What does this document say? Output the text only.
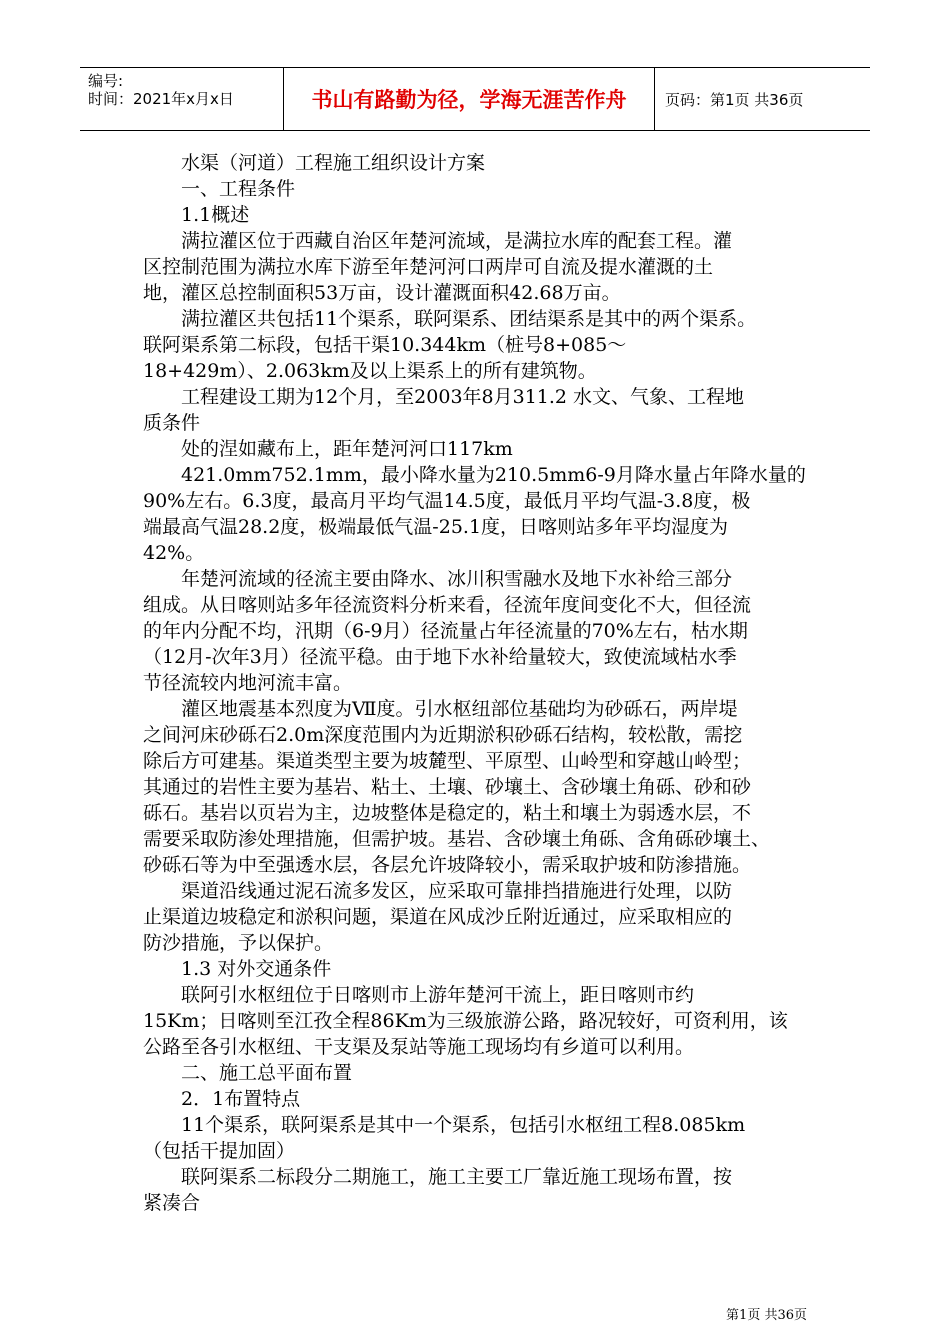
编号:
时间：2021年x月x日	书山有路勤为径，学海无涯苦作舟	页码：第1页 共36页

水渠（河道）工程施工组织设计方案

一、工程条件

1.1概述

满拉灌区位于西藏自治区年楚河流域，是满拉水库的配套工程。灌

区控制范围为满拉水库下游至年楚河河口两岸可自流及提水灌溉的土

地，灌区总控制面积53万亩，设计灌溉面积42.68万亩。

满拉灌区共包括11个渠系，联阿渠系、团结渠系是其中的两个渠系。

联阿渠系第二标段，包括干渠10.344km（桩号8+085～

18+429m）、2.063km及以上渠系上的所有建筑物。

工程建设工期为12个月，至2003年8月311.2 水文、气象、工程地

质条件

处的涅如藏布上，距年楚河河口117km

421.0mm752.1mm，最小降水量为210.5mm6-9月降水量占年降水量的

90%左右。6.3度，最高月平均气温14.5度，最低月平均气温-3.8度，极

端最高气温28.2度，极端最低气温-25.1度，日喀则站多年平均湿度为

42%。

年楚河流域的径流主要由降水、冰川积雪融水及地下水补给三部分

组成。从日喀则站多年径流资料分析来看，径流年度间变化不大，但径流

的年内分配不均，汛期（6-9月）径流量占年径流量的70%左右，枯水期

（12月-次年3月）径流平稳。由于地下水补给量较大，致使流域枯水季

节径流较内地河流丰富。

灌区地震基本烈度为Ⅶ度。引水枢纽部位基础均为砂砾石，两岸堤

之间河床砂砾石2.0m深度范围内为近期淤积砂砾石结构，较松散，需挖

除后方可建基。渠道类型主要为坡麓型、平原型、山岭型和穿越山岭型；

其通过的岩性主要为基岩、粘土、土壤、砂壤土、含砂壤土角砾、砂和砂

砾石。基岩以页岩为主，边坡整体是稳定的，粘土和壤土为弱透水层，不

需要采取防渗处理措施，但需护坡。基岩、含砂壤土角砾、含角砾砂壤土、

砂砾石等为中至强透水层，各层允许坡降较小，需采取护坡和防渗措施。

渠道沿线通过泥石流多发区，应采取可靠排挡措施进行处理，以防

止渠道边坡稳定和淤积问题，渠道在风成沙丘附近通过，应采取相应的

防沙措施，予以保护。

1.3 对外交通条件

联阿引水枢纽位于日喀则市上游年楚河干流上，距日喀则市约

15Km；日喀则至江孜全程86Km为三级旅游公路，路况较好，可资利用，该

公路至各引水枢纽、干支渠及泵站等施工现场均有乡道可以利用。

二、施工总平面布置

2．1布置特点

11个渠系，联阿渠系是其中一个渠系，包括引水枢纽工程8.085km

（包括干提加固）

联阿渠系二标段分二期施工，施工主要工厂靠近施工现场布置，按

紧凑合

第1页 共36页
